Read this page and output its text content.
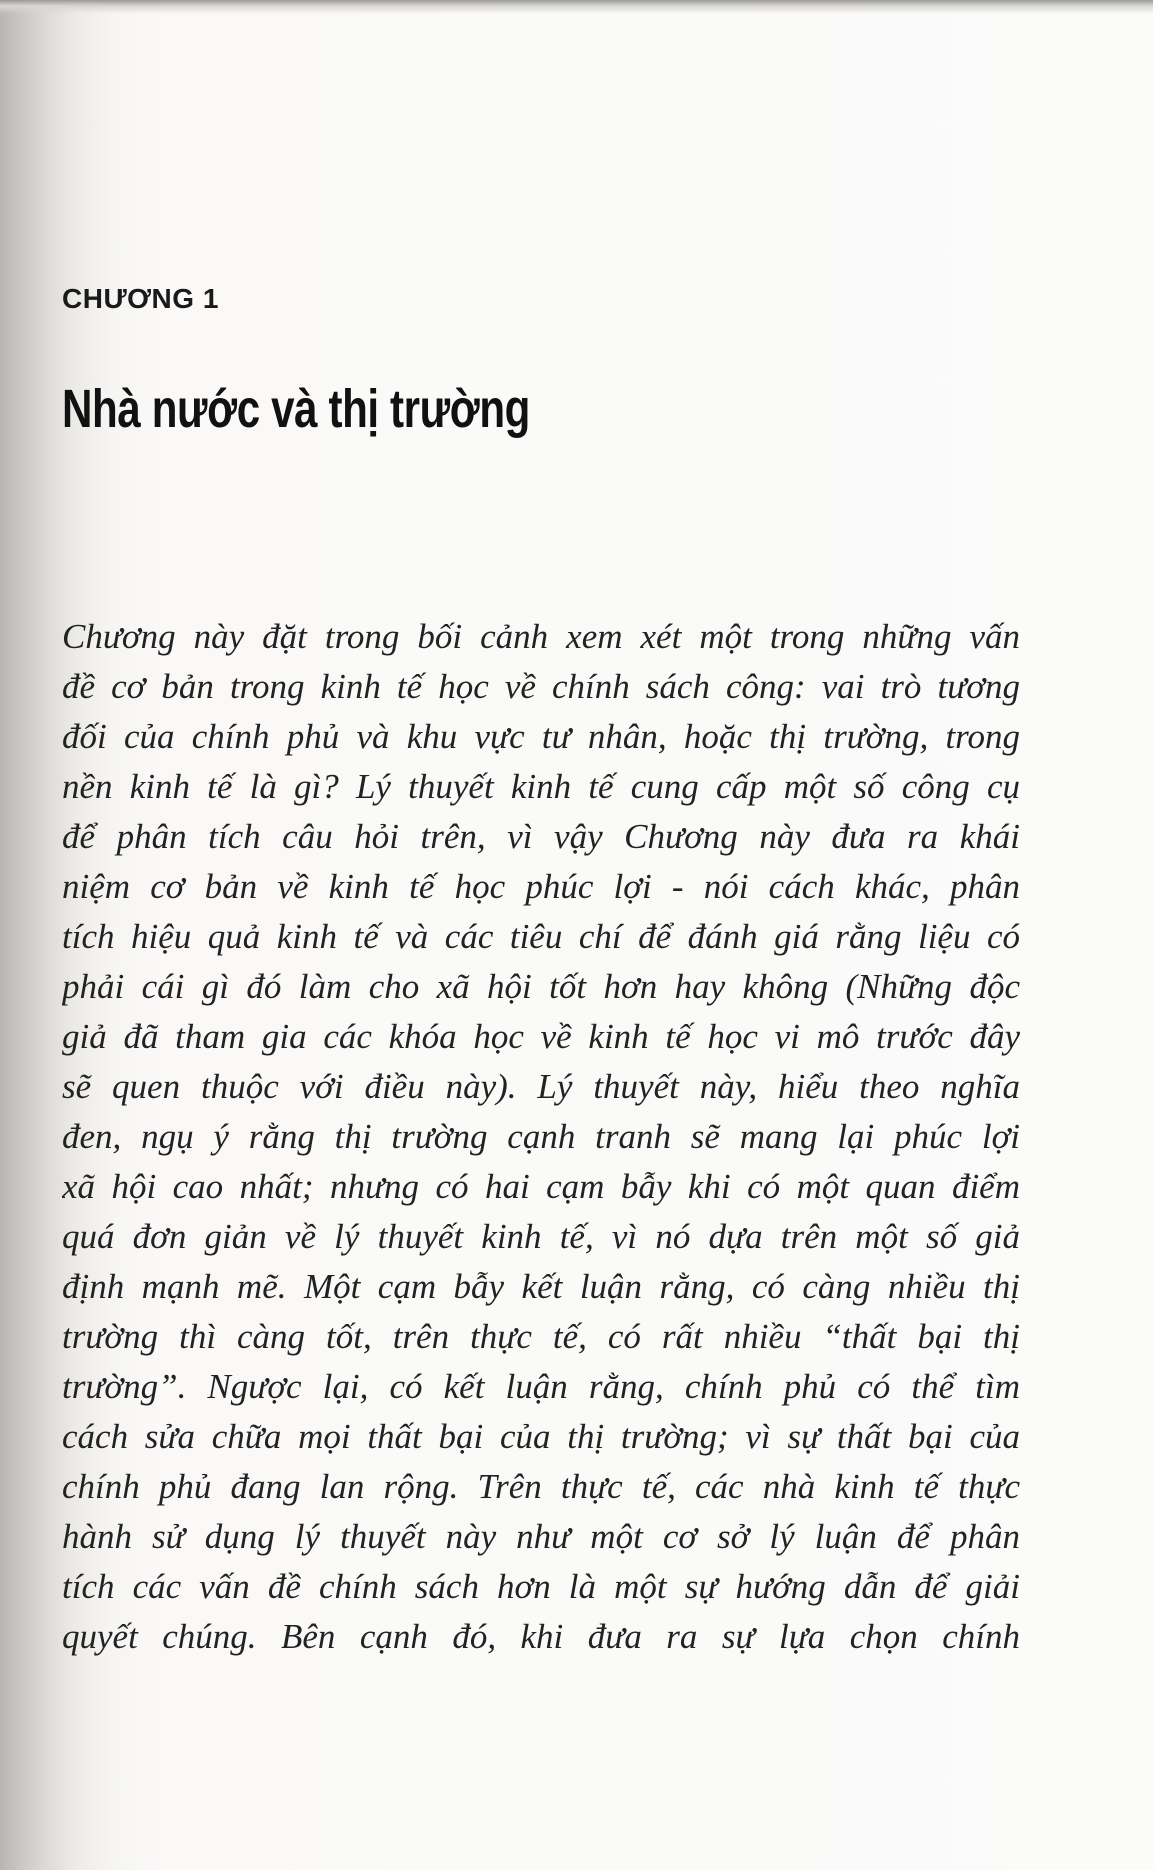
CHƯƠNG 1
Nhà nước và thị trường
Chương này đặt trong bối cảnh xem xét một trong những vấn
đề cơ bản trong kinh tế học về chính sách công: vai trò tương
đối của chính phủ và khu vực tư nhân, hoặc thị trường, trong
nền kinh tế là gì? Lý thuyết kinh tế cung cấp một số công cụ
để phân tích câu hỏi trên, vì vậy Chương này đưa ra khái
niệm cơ bản về kinh tế học phúc lợi - nói cách khác, phân
tích hiệu quả kinh tế và các tiêu chí để đánh giá rằng liệu có
phải cái gì đó làm cho xã hội tốt hơn hay không (Những độc
giả đã tham gia các khóa học về kinh tế học vi mô trước đây
sẽ quen thuộc với điều này). Lý thuyết này, hiểu theo nghĩa
đen, ngụ ý rằng thị trường cạnh tranh sẽ mang lại phúc lợi
xã hội cao nhất; nhưng có hai cạm bẫy khi có một quan điểm
quá đơn giản về lý thuyết kinh tế, vì nó dựa trên một số giả
định mạnh mẽ. Một cạm bẫy kết luận rằng, có càng nhiều thị
trường thì càng tốt, trên thực tế, có rất nhiều “thất bại thị
trường”. Ngược lại, có kết luận rằng, chính phủ có thể tìm
cách sửa chữa mọi thất bại của thị trường; vì sự thất bại của
chính phủ đang lan rộng. Trên thực tế, các nhà kinh tế thực
hành sử dụng lý thuyết này như một cơ sở lý luận để phân
tích các vấn đề chính sách hơn là một sự hướng dẫn để giải
quyết chúng. Bên cạnh đó, khi đưa ra sự lựa chọn chính
